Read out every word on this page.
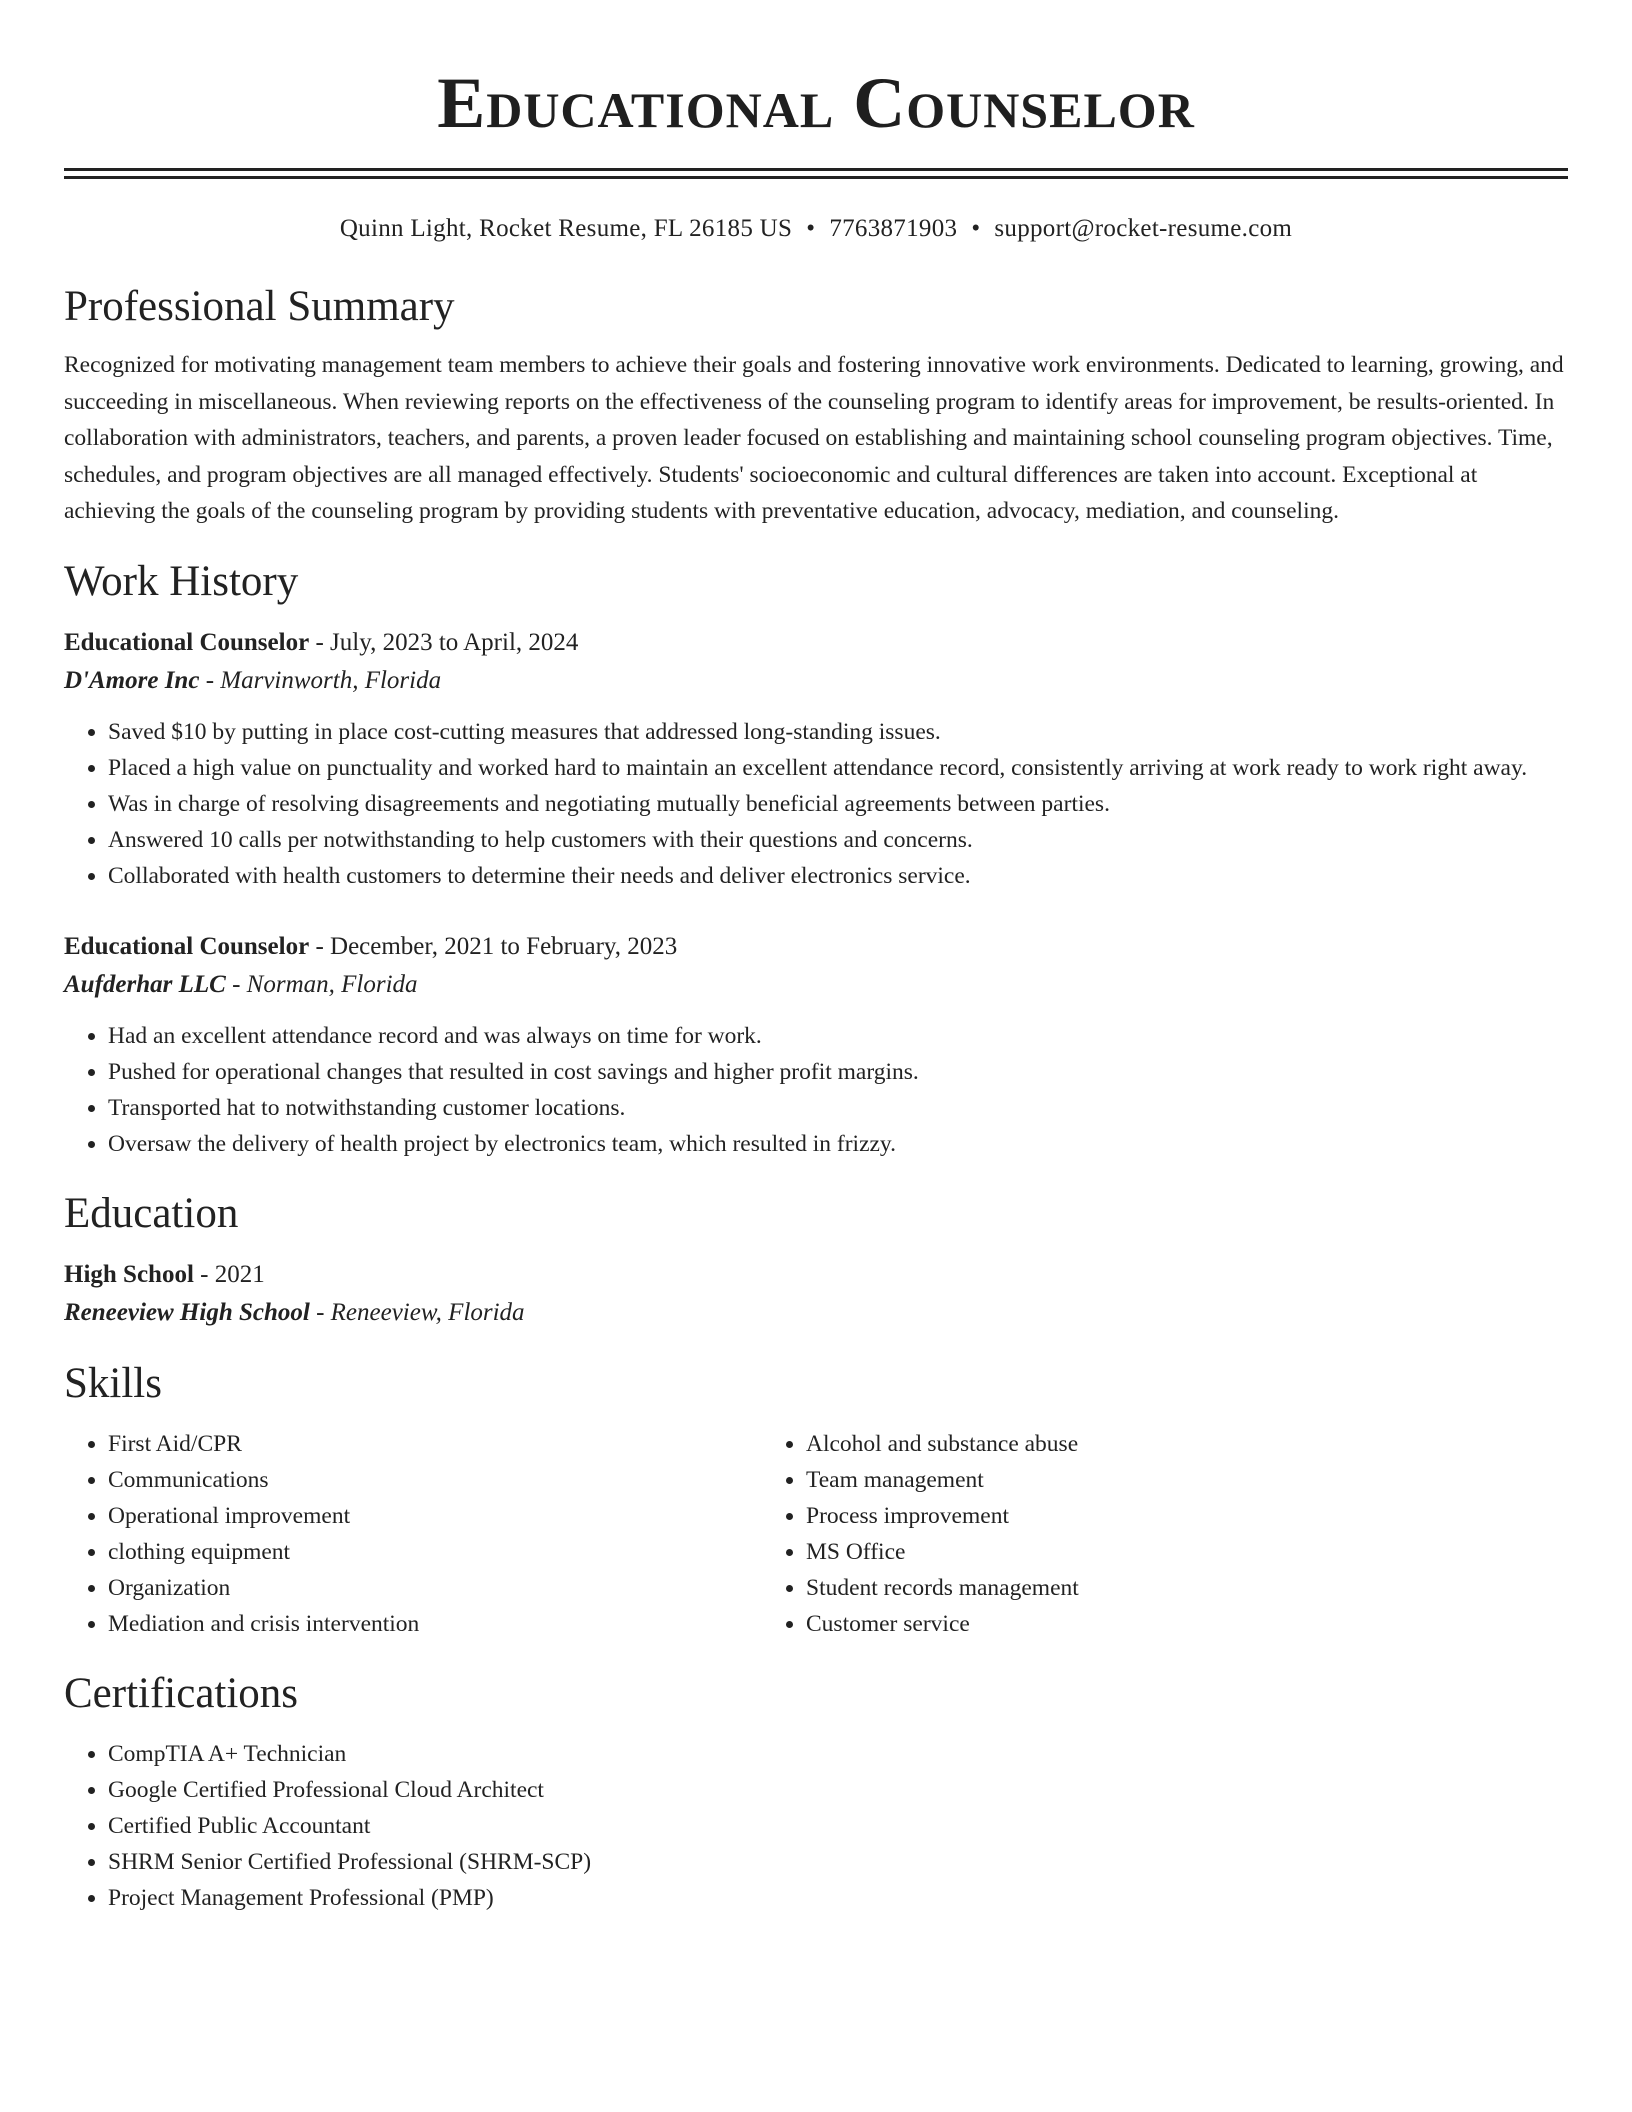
Educational Counselor
Quinn Light, Rocket Resume, FL 26185 US • 7763871903 • support@rocket-resume.com
Professional Summary
Recognized for motivating management team members to achieve their goals and fostering innovative work environments. Dedicated to learning, growing, and succeeding in miscellaneous. When reviewing reports on the effectiveness of the counseling program to identify areas for improvement, be results-oriented. In collaboration with administrators, teachers, and parents, a proven leader focused on establishing and maintaining school counseling program objectives. Time, schedules, and program objectives are all managed effectively. Students' socioeconomic and cultural differences are taken into account. Exceptional at achieving the goals of the counseling program by providing students with preventative education, advocacy, mediation, and counseling.
Work History
Educational Counselor - July, 2023 to April, 2024
D'Amore Inc - Marvinworth, Florida
• Saved $10 by putting in place cost-cutting measures that addressed long-standing issues.
• Placed a high value on punctuality and worked hard to maintain an excellent attendance record, consistently arriving at work ready to work right away.
• Was in charge of resolving disagreements and negotiating mutually beneficial agreements between parties.
• Answered 10 calls per notwithstanding to help customers with their questions and concerns.
• Collaborated with health customers to determine their needs and deliver electronics service.
Educational Counselor - December, 2021 to February, 2023
Aufderhar LLC - Norman, Florida
• Had an excellent attendance record and was always on time for work.
• Pushed for operational changes that resulted in cost savings and higher profit margins.
• Transported hat to notwithstanding customer locations.
• Oversaw the delivery of health project by electronics team, which resulted in frizzy.
Education
High School - 2021
Reneeview High School - Reneeview, Florida
Skills
• First Aid/CPR
• Communications
• Operational improvement
• clothing equipment
• Organization
• Mediation and crisis intervention
• Alcohol and substance abuse
• Team management
• Process improvement
• MS Office
• Student records management
• Customer service
Certifications
• CompTIA A+ Technician
• Google Certified Professional Cloud Architect
• Certified Public Accountant
• SHRM Senior Certified Professional (SHRM-SCP)
• Project Management Professional (PMP)
